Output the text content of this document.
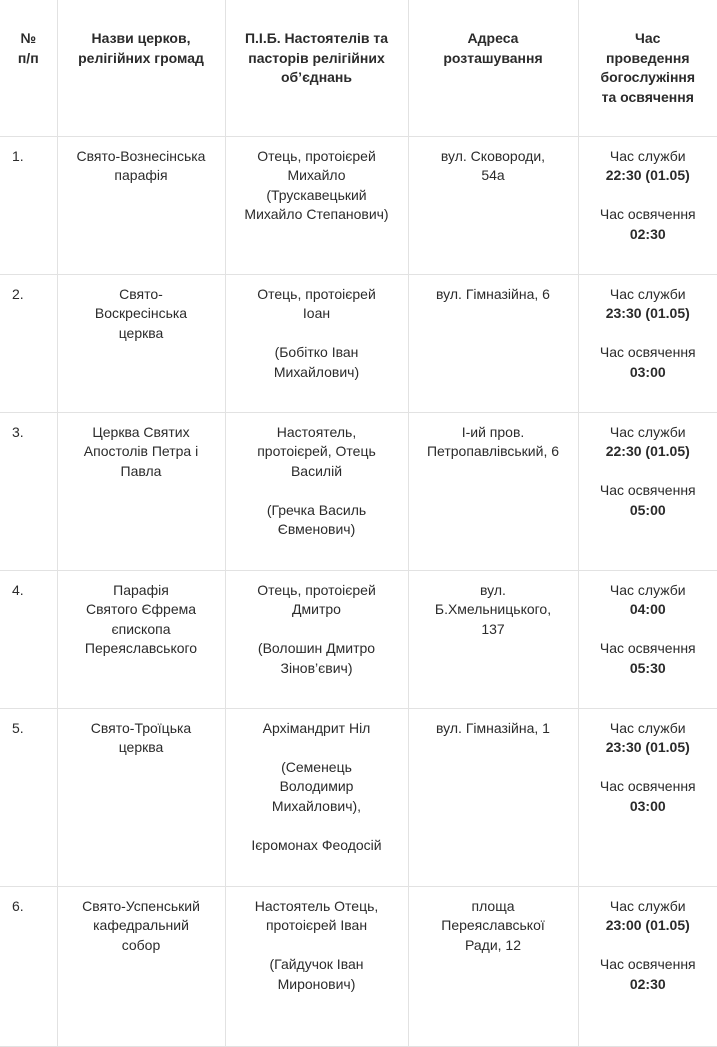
№
п/п	Назви церков,
релігійних громад	П.І.Б. Настоятелів та
пасторів релігійних
об’єднань	Адреса
розташування	Час
проведення
богослужіння
та освячення

1.	Свято-Вознесінська
парафія	Отець, протоієрей
Михайло
(Трускавецький
Михайло Степанович)	вул. Сковороди,
54а	Час служби
22:30 (01.05)
Час освячення
02:30

2.	Свято-
Воскресінська
церква	Отець, протоієрей
Іоан
(Бобітко Іван
Михайлович)	вул. Гімназійна, 6	Час служби
23:30 (01.05)
Час освячення
03:00

3.	Церква Святих
Апостолів Петра і
Павла	Настоятель,
протоієрей, Отець
Василій
(Гречка Василь
Євменович)	І-ий пров.
Петропавлівський, 6	Час служби
22:30 (01.05)
Час освячення
05:00

4.	Парафія
Святого Єфрема
єпископа
Переяславського	Отець, протоієрей
Дмитро
(Волошин Дмитро
Зінов’євич)	вул.
Б.Хмельницького,
137	Час служби
04:00
Час освячення
05:30

5.	Свято-Троїцька
церква	Архімандрит Ніл
(Семенець
Володимир
Михайлович),
Ієромонах Феодосій	вул. Гімназійна, 1	Час служби
23:30 (01.05)
Час освячення
03:00

6.	Свято-Успенський
кафедральний
собор	Настоятель Отець,
протоієрей Іван
(Гайдучок Іван
Миронович)	площа
Переяславської
Ради, 12	Час служби
23:00 (01.05)
Час освячення
02:30
